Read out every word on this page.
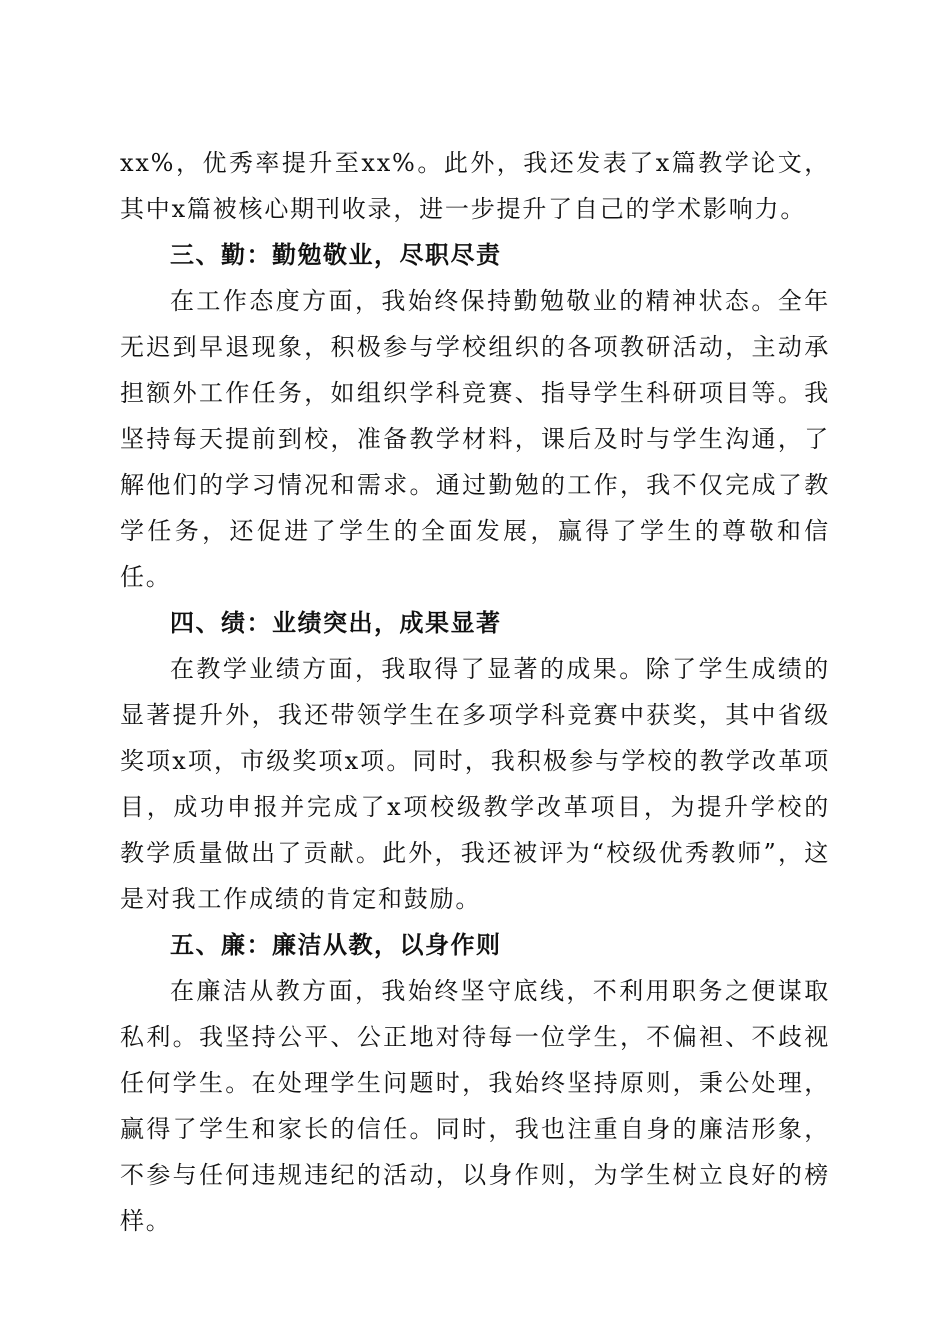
xx%，优秀率提升至xx%。此外，我还发表了x篇教学论文，其中x篇被核心期刊收录，进一步提升了自己的学术影响力。

三、勤：勤勉敬业，尽职尽责

在工作态度方面，我始终保持勤勉敬业的精神状态。全年无迟到早退现象，积极参与学校组织的各项教研活动，主动承担额外工作任务，如组织学科竞赛、指导学生科研项目等。我坚持每天提前到校，准备教学材料，课后及时与学生沟通，了解他们的学习情况和需求。通过勤勉的工作，我不仅完成了教学任务，还促进了学生的全面发展，赢得了学生的尊敬和信任。

四、绩：业绩突出，成果显著

在教学业绩方面，我取得了显著的成果。除了学生成绩的显著提升外，我还带领学生在多项学科竞赛中获奖，其中省级奖项x项，市级奖项x项。同时，我积极参与学校的教学改革项目，成功申报并完成了x项校级教学改革项目，为提升学校的教学质量做出了贡献。此外，我还被评为“校级优秀教师”，这是对我工作成绩的肯定和鼓励。

五、廉：廉洁从教，以身作则

在廉洁从教方面，我始终坚守底线，不利用职务之便谋取私利。我坚持公平、公正地对待每一位学生，不偏袒、不歧视任何学生。在处理学生问题时，我始终坚持原则，秉公处理，赢得了学生和家长的信任。同时，我也注重自身的廉洁形象，不参与任何违规违纪的活动，以身作则，为学生树立良好的榜样。
